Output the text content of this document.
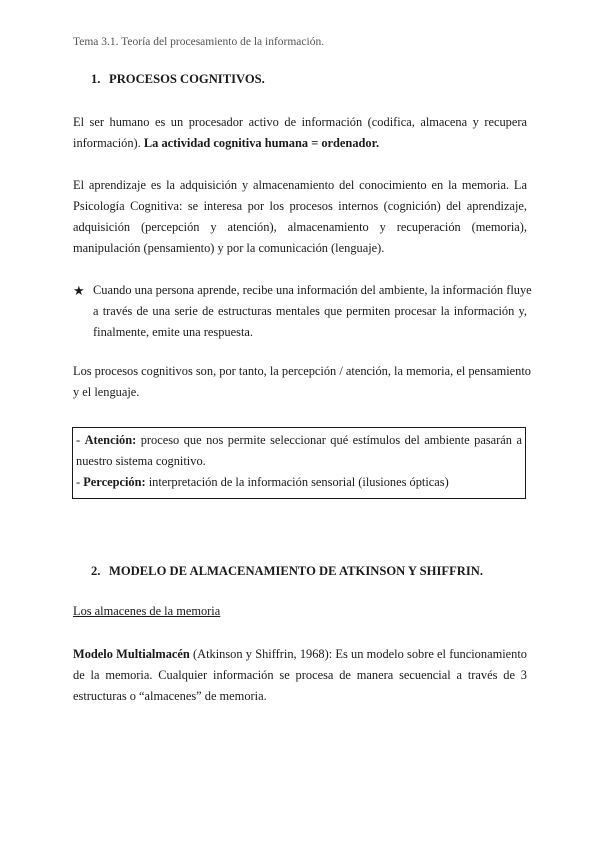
Tema 3.1. Teoría del procesamiento de la información.
1. PROCESOS COGNITIVOS.
El ser humano es un procesador activo de información (codifica, almacena y recupera
información). La actividad cognitiva humana = ordenador.
El aprendizaje es la adquisición y almacenamiento del conocimiento en la memoria. La
Psicología Cognitiva: se interesa por los procesos internos (cognición) del aprendizaje,
adquisición (percepción y atención), almacenamiento y recuperación (memoria),
manipulación (pensamiento) y por la comunicación (lenguaje).
★ Cuando una persona aprende, recibe una información del ambiente, la información fluye
a través de una serie de estructuras mentales que permiten procesar la información y,
finalmente, emite una respuesta.
Los procesos cognitivos son, por tanto, la percepción / atención, la memoria, el pensamiento
y el lenguaje.
- Atención: proceso que nos permite seleccionar qué estímulos del ambiente pasarán a
nuestro sistema cognitivo.
- Percepción: interpretación de la información sensorial (ilusiones ópticas)
2. MODELO DE ALMACENAMIENTO DE ATKINSON Y SHIFFRIN.
Los almacenes de la memoria
Modelo Multialmacén (Atkinson y Shiffrin, 1968): Es un modelo sobre el funcionamiento
de la memoria. Cualquier información se procesa de manera secuencial a través de 3
estructuras o “almacenes” de memoria.
